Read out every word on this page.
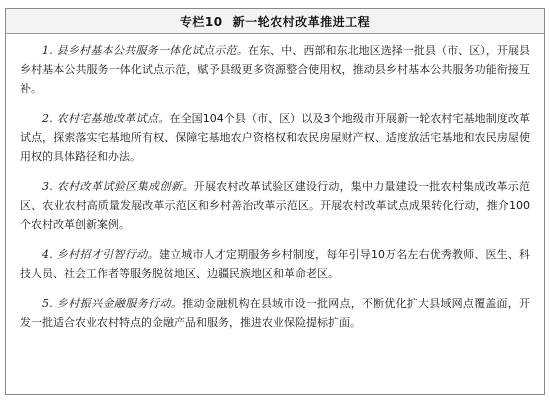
专栏10 新一轮农村改革推进工程

1. 县乡村基本公共服务一体化试点示范。在东、中、西部和东北地区选择一批县（市、区），开展县乡村基本公共服务一体化试点示范，赋予县级更多资源整合使用权，推动县乡村基本公共服务功能衔接互补。

2. 农村宅基地改革试点。在全国104个县（市、区）以及3个地级市开展新一轮农村宅基地制度改革试点，探索落实宅基地所有权、保障宅基地农户资格权和农民房屋财产权、适度放活宅基地和农民房屋使用权的具体路径和办法。

3. 农村改革试验区集成创新。开展农村改革试验区建设行动，集中力量建设一批农村集成改革示范区、农业农村高质量发展改革示范区和乡村善治改革示范区。开展农村改革试点成果转化行动，推介100个农村改革创新案例。

4. 乡村招才引智行动。建立城市人才定期服务乡村制度，每年引导10万名左右优秀教师、医生、科技人员、社会工作者等服务脱贫地区、边疆民族地区和革命老区。

5. 乡村振兴金融服务行动。推动金融机构在县域市设一批网点，不断优化扩大县域网点覆盖面，开发一批适合农业农村特点的金融产品和服务，推进农业保险提标扩面。
